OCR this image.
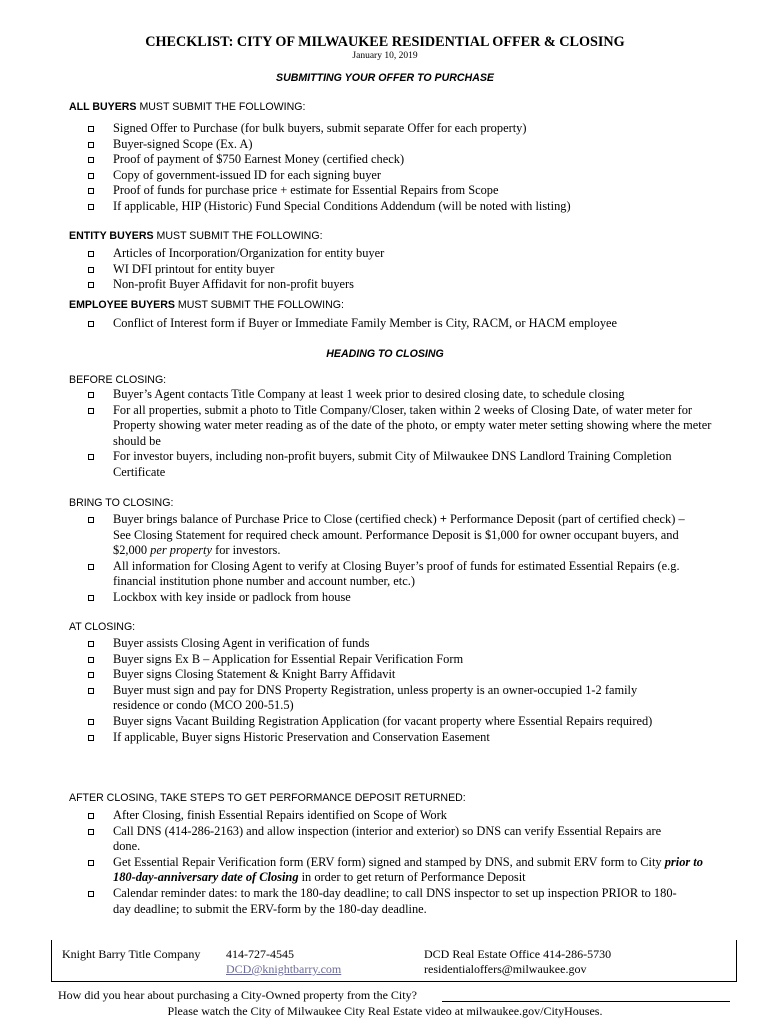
CHECKLIST: CITY OF MILWAUKEE RESIDENTIAL OFFER & CLOSING
January 10, 2019
SUBMITTING YOUR OFFER TO PURCHASE
ALL BUYERS MUST SUBMIT THE FOLLOWING:
Signed Offer to Purchase (for bulk buyers, submit separate Offer for each property)
Buyer-signed Scope (Ex. A)
Proof of payment of $750 Earnest Money (certified check)
Copy of government-issued ID for each signing buyer
Proof of funds for purchase price + estimate for Essential Repairs from Scope
If applicable, HIP (Historic) Fund Special Conditions Addendum (will be noted with listing)
ENTITY BUYERS MUST SUBMIT THE FOLLOWING:
Articles of Incorporation/Organization for entity buyer
WI DFI printout for entity buyer
Non-profit Buyer Affidavit for non-profit buyers
EMPLOYEE BUYERS MUST SUBMIT THE FOLLOWING:
Conflict of Interest form if Buyer or Immediate Family Member is City, RACM, or HACM employee
HEADING TO CLOSING
BEFORE CLOSING:
Buyer’s Agent contacts Title Company at least 1 week prior to desired closing date, to schedule closing
For all properties, submit a photo to Title Company/Closer, taken within 2 weeks of Closing Date, of water meter for Property showing water meter reading as of the date of the photo, or empty water meter setting showing where the meter should be
For investor buyers, including non-profit buyers, submit City of Milwaukee DNS Landlord Training Completion Certificate
BRING TO CLOSING:
Buyer brings balance of Purchase Price to Close (certified check) + Performance Deposit (part of certified check) – See Closing Statement for required check amount. Performance Deposit is $1,000 for owner occupant buyers, and $2,000 per property for investors.
All information for Closing Agent to verify at Closing Buyer’s proof of funds for estimated Essential Repairs (e.g. financial institution phone number and account number, etc.)
Lockbox with key inside or padlock from house
AT CLOSING:
Buyer assists Closing Agent in verification of funds
Buyer signs Ex B – Application for Essential Repair Verification Form
Buyer signs Closing Statement & Knight Barry Affidavit
Buyer must sign and pay for DNS Property Registration, unless property is an owner-occupied 1-2 family residence or condo (MCO 200-51.5)
Buyer signs Vacant Building Registration Application (for vacant property where Essential Repairs required)
If applicable, Buyer signs Historic Preservation and Conservation Easement
AFTER CLOSING, TAKE STEPS TO GET PERFORMANCE DEPOSIT RETURNED:
After Closing, finish Essential Repairs identified on Scope of Work
Call DNS (414-286-2163) and allow inspection (interior and exterior) so DNS can verify Essential Repairs are done.
Get Essential Repair Verification form (ERV form) signed and stamped by DNS, and submit ERV form to City prior to 180-day-anniversary date of Closing in order to get return of Performance Deposit
Calendar reminder dates: to mark the 180-day deadline; to call DNS inspector to set up inspection PRIOR to 180-day deadline; to submit the ERV-form by the 180-day deadline.
Knight Barry Title Company 414-727-4545
DCD@knightbarry.com
DCD Real Estate Office 414-286-5730
residentialoffers@milwaukee.gov
How did you hear about purchasing a City-Owned property from the City?
Please watch the City of Milwaukee City Real Estate video at milwaukee.gov/CityHouses.
